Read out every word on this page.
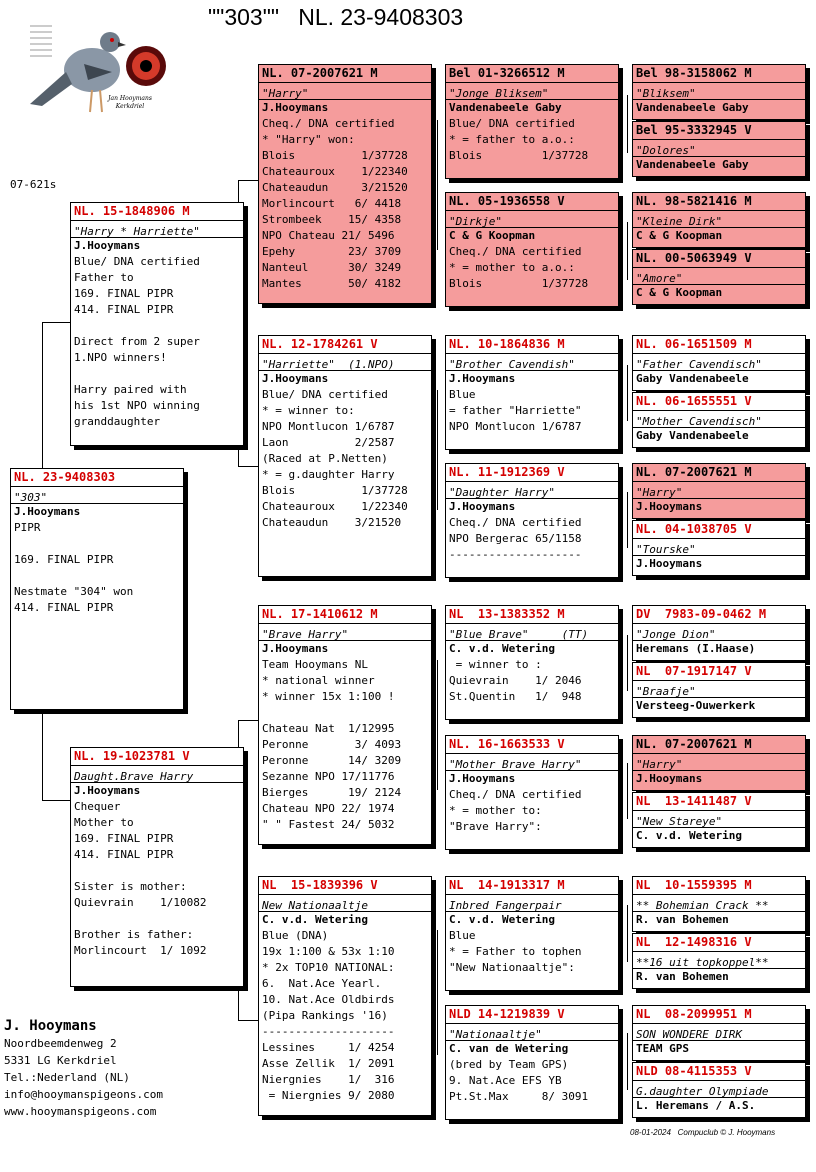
""303""   NL. 23-9408303
07-621s
Jan Hooymans
Kerkdriel
NL. 23-9408303
"303"
J.Hooymans
PIPR

169. FINAL PIPR

Nestmate "304" won
414. FINAL PIPR
NL. 15-1848906 M
"Harry * Harriette"
J.Hooymans
Blue/ DNA certified
Father to
169. FINAL PIPR
414. FINAL PIPR

Direct from 2 super
1.NPO winners!

Harry paired with
his 1st NPO winning
granddaughter
NL. 19-1023781 V
Daught.Brave Harry
J.Hooymans
Chequer
Mother to
169. FINAL PIPR
414. FINAL PIPR

Sister is mother:
Quievrain    1/10082

Brother is father:
Morlincourt  1/ 1092
NL. 07-2007621 M
"Harry"
J.Hooymans
Cheq./ DNA certified
* "Harry" won:
Blois          1/37728
Chateauroux    1/22340
Chateaudun     3/21520
Morlincourt   6/ 4418
Strombeek    15/ 4358
NPO Chateau 21/ 5496
Epehy        23/ 3709
Nanteul      30/ 3249
Mantes       50/ 4182
NL. 12-1784261 V
"Harriette"  (1.NPO)
J.Hooymans
Blue/ DNA certified
* = winner to:
NPO Montlucon 1/6787
Laon          2/2587
(Raced at P.Netten)
* = g.daughter Harry
Blois          1/37728
Chateauroux    1/22340
Chateaudun    3/21520
NL. 17-1410612 M
"Brave Harry"
J.Hooymans
Team Hooymans NL
* national winner
* winner 15x 1:100 !

Chateau Nat  1/12995
Peronne       3/ 4093
Peronne      14/ 3209
Sezanne NPO 17/11776
Bierges      19/ 2124
Chateau NPO 22/ 1974
" " Fastest 24/ 5032
NL  15-1839396 V
New Nationaaltje
C. v.d. Wetering
Blue (DNA)
19x 1:100 & 53x 1:10
* 2x TOP10 NATIONAL:
6.  Nat.Ace Yearl.
10. Nat.Ace Oldbirds
(Pipa Rankings '16)
--------------------
Lessines     1/ 4254
Asse Zellik  1/ 2091
Niergnies    1/  316
= Niergnies 9/ 2080
Bel 01-3266512 M
"Jonge Bliksem"
Vandenabeele Gaby
Blue/ DNA certified
* = father to a.o.:
Blois         1/37728
NL. 05-1936558 V
"Dirkje"
C & G Koopman
Cheq./ DNA certified
* = mother to a.o.:
Blois         1/37728
NL. 10-1864836 M
"Brother Cavendish"
J.Hooymans
Blue
= father "Harriette"
NPO Montlucon 1/6787
NL. 11-1912369 V
"Daughter Harry"
J.Hooymans
Cheq./ DNA certified
NPO Bergerac 65/1158
--------------------
NL  13-1383352 M
"Blue Brave"     (TT)
C. v.d. Wetering
= winner to :
Quievrain    1/ 2046
St.Quentin   1/  948
NL. 16-1663533 V
"Mother Brave Harry"
J.Hooymans
Cheq./ DNA certified
* = mother to:
"Brave Harry":
NL  14-1913317 M
Inbred Fangerpair
C. v.d. Wetering
Blue
* = Father to tophen
"New Nationaaltje":
NLD 14-1219839 V
"Nationaaltje"
C. van de Wetering
(bred by Team GPS)
9. Nat.Ace EFS YB
Pt.St.Max     8/ 3091
Bel 98-3158062 M
"Bliksem"
Vandenabeele Gaby
Bel 95-3332945 V
"Dolores"
Vandenabeele Gaby
NL. 98-5821416 M
"Kleine Dirk"
C & G Koopman
NL. 00-5063949 V
"Amore"
C & G Koopman
NL. 06-1651509 M
"Father Cavendisch"
Gaby Vandenabeele
NL. 06-1655551 V
"Mother Cavendisch"
Gaby Vandenabeele
NL. 07-2007621 M
"Harry"
J.Hooymans
NL. 04-1038705 V
"Tourske"
J.Hooymans
DV  7983-09-0462 M
"Jonge Dion"
Heremans (I.Haase)
NL  07-1917147 V
"Braafje"
Versteeg-Ouwerkerk
NL. 07-2007621 M
"Harry"
J.Hooymans
NL  13-1411487 V
"New Stareye"
C. v.d. Wetering
NL  10-1559395 M
** Bohemian Crack **
R. van Bohemen
NL  12-1498316 V
**16 uit topkoppel**
R. van Bohemen
NL  08-2099951 M
SON WONDERE DIRK
TEAM GPS
NLD 08-4115353 V
G.daughter Olympiade
L. Heremans / A.S.
J. Hooymans
Noordbeemdenweg 2
5331 LG Kerkdriel
Tel.:Nederland (NL)
info@hooymanspigeons.com
www.hooymanspigeons.com
08-01-2024   Compuclub © J. Hooymans
